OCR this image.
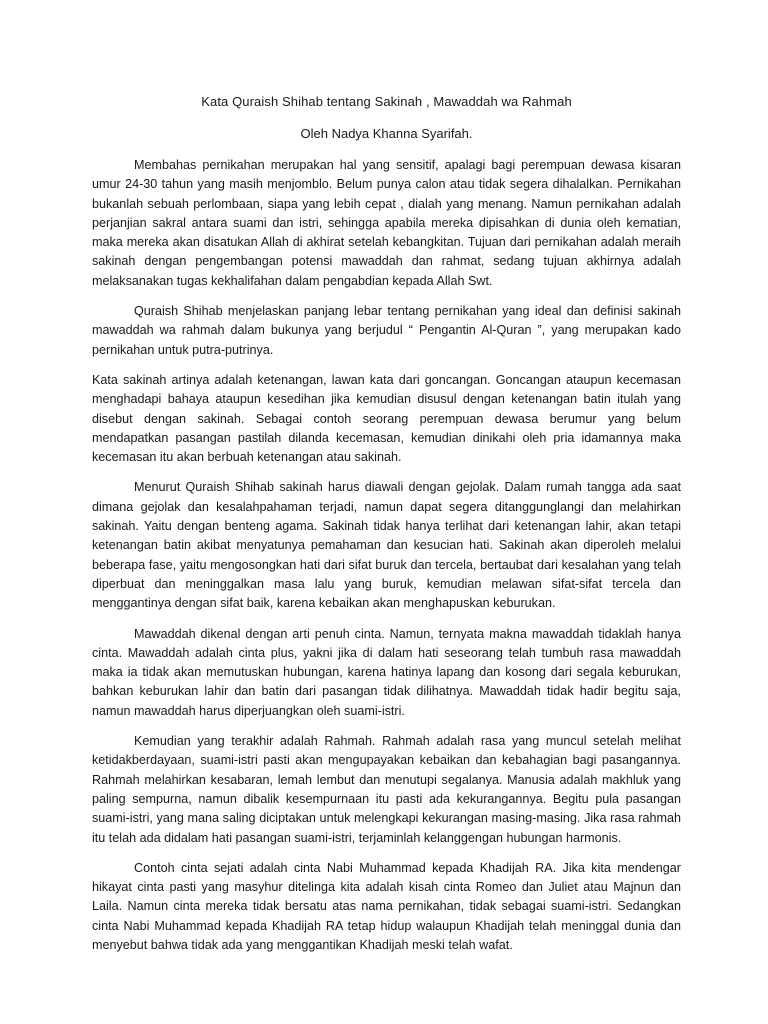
Kata Quraish Shihab tentang Sakinah , Mawaddah wa Rahmah
Oleh Nadya Khanna Syarifah.

Membahas pernikahan merupakan hal yang sensitif, apalagi bagi perempuan dewasa kisaran umur 24-30 tahun yang masih menjomblo. Belum punya calon atau tidak segera dihalalkan. Pernikahan bukanlah sebuah perlombaan, siapa yang lebih cepat , dialah yang menang. Namun pernikahan adalah perjanjian sakral antara suami dan istri, sehingga apabila mereka dipisahkan di dunia oleh kematian, maka mereka akan disatukan Allah di akhirat setelah kebangkitan. Tujuan dari pernikahan adalah meraih sakinah dengan pengembangan potensi mawaddah dan rahmat, sedang tujuan akhirnya adalah melaksanakan tugas kekhalifahan dalam pengabdian kepada Allah Swt.

Quraish Shihab menjelaskan panjang lebar tentang pernikahan yang ideal dan definisi sakinah mawaddah wa rahmah dalam bukunya yang berjudul “ Pengantin Al-Quran ”, yang merupakan kado pernikahan untuk putra-putrinya.

Kata sakinah artinya adalah ketenangan, lawan kata dari goncangan. Goncangan ataupun kecemasan menghadapi bahaya ataupun kesedihan jika kemudian disusul dengan ketenangan batin itulah yang disebut dengan sakinah. Sebagai contoh seorang perempuan dewasa berumur yang belum mendapatkan pasangan pastilah dilanda kecemasan, kemudian dinikahi oleh pria idamannya maka kecemasan itu akan berbuah ketenangan atau sakinah.

Menurut Quraish Shihab sakinah harus diawali dengan gejolak. Dalam rumah tangga ada saat dimana gejolak dan kesalahpahaman terjadi, namun dapat segera ditanggunglangi dan melahirkan sakinah. Yaitu dengan benteng agama. Sakinah tidak hanya terlihat dari ketenangan lahir, akan tetapi ketenangan batin akibat menyatunya pemahaman dan kesucian hati. Sakinah akan diperoleh melalui beberapa fase, yaitu mengosongkan hati dari sifat buruk dan tercela, bertaubat dari kesalahan yang telah diperbuat dan meninggalkan masa lalu yang buruk, kemudian melawan sifat-sifat tercela dan menggantinya dengan sifat baik, karena kebaikan akan menghapuskan keburukan.

Mawaddah dikenal dengan arti penuh cinta. Namun, ternyata makna mawaddah tidaklah hanya cinta. Mawaddah adalah cinta plus, yakni jika di dalam hati seseorang telah tumbuh rasa mawaddah maka ia tidak akan memutuskan hubungan, karena hatinya lapang dan kosong dari segala keburukan, bahkan keburukan lahir dan batin dari pasangan tidak dilihatnya. Mawaddah tidak hadir begitu saja, namun mawaddah harus diperjuangkan oleh suami-istri.

Kemudian yang terakhir adalah Rahmah. Rahmah adalah rasa yang muncul setelah melihat ketidakberdayaan, suami-istri pasti akan mengupayakan kebaikan dan kebahagian bagi pasangannya. Rahmah melahirkan kesabaran, lemah lembut dan menutupi segalanya. Manusia adalah makhluk yang paling sempurna, namun dibalik kesempurnaan itu pasti ada kekurangannya. Begitu pula pasangan suami-istri, yang mana saling diciptakan untuk melengkapi kekurangan masing-masing. Jika rasa rahmah itu telah ada didalam hati pasangan suami-istri, terjaminlah kelanggengan hubungan harmonis.

Contoh cinta sejati adalah cinta Nabi Muhammad kepada Khadijah RA. Jika kita mendengar hikayat cinta pasti yang masyhur ditelinga kita adalah kisah cinta Romeo dan Juliet atau Majnun dan Laila. Namun cinta mereka tidak bersatu atas nama pernikahan, tidak sebagai suami-istri. Sedangkan cinta Nabi Muhammad kepada Khadijah RA tetap hidup walaupun Khadijah telah meninggal dunia dan menyebut bahwa tidak ada yang menggantikan Khadijah meski telah wafat.
